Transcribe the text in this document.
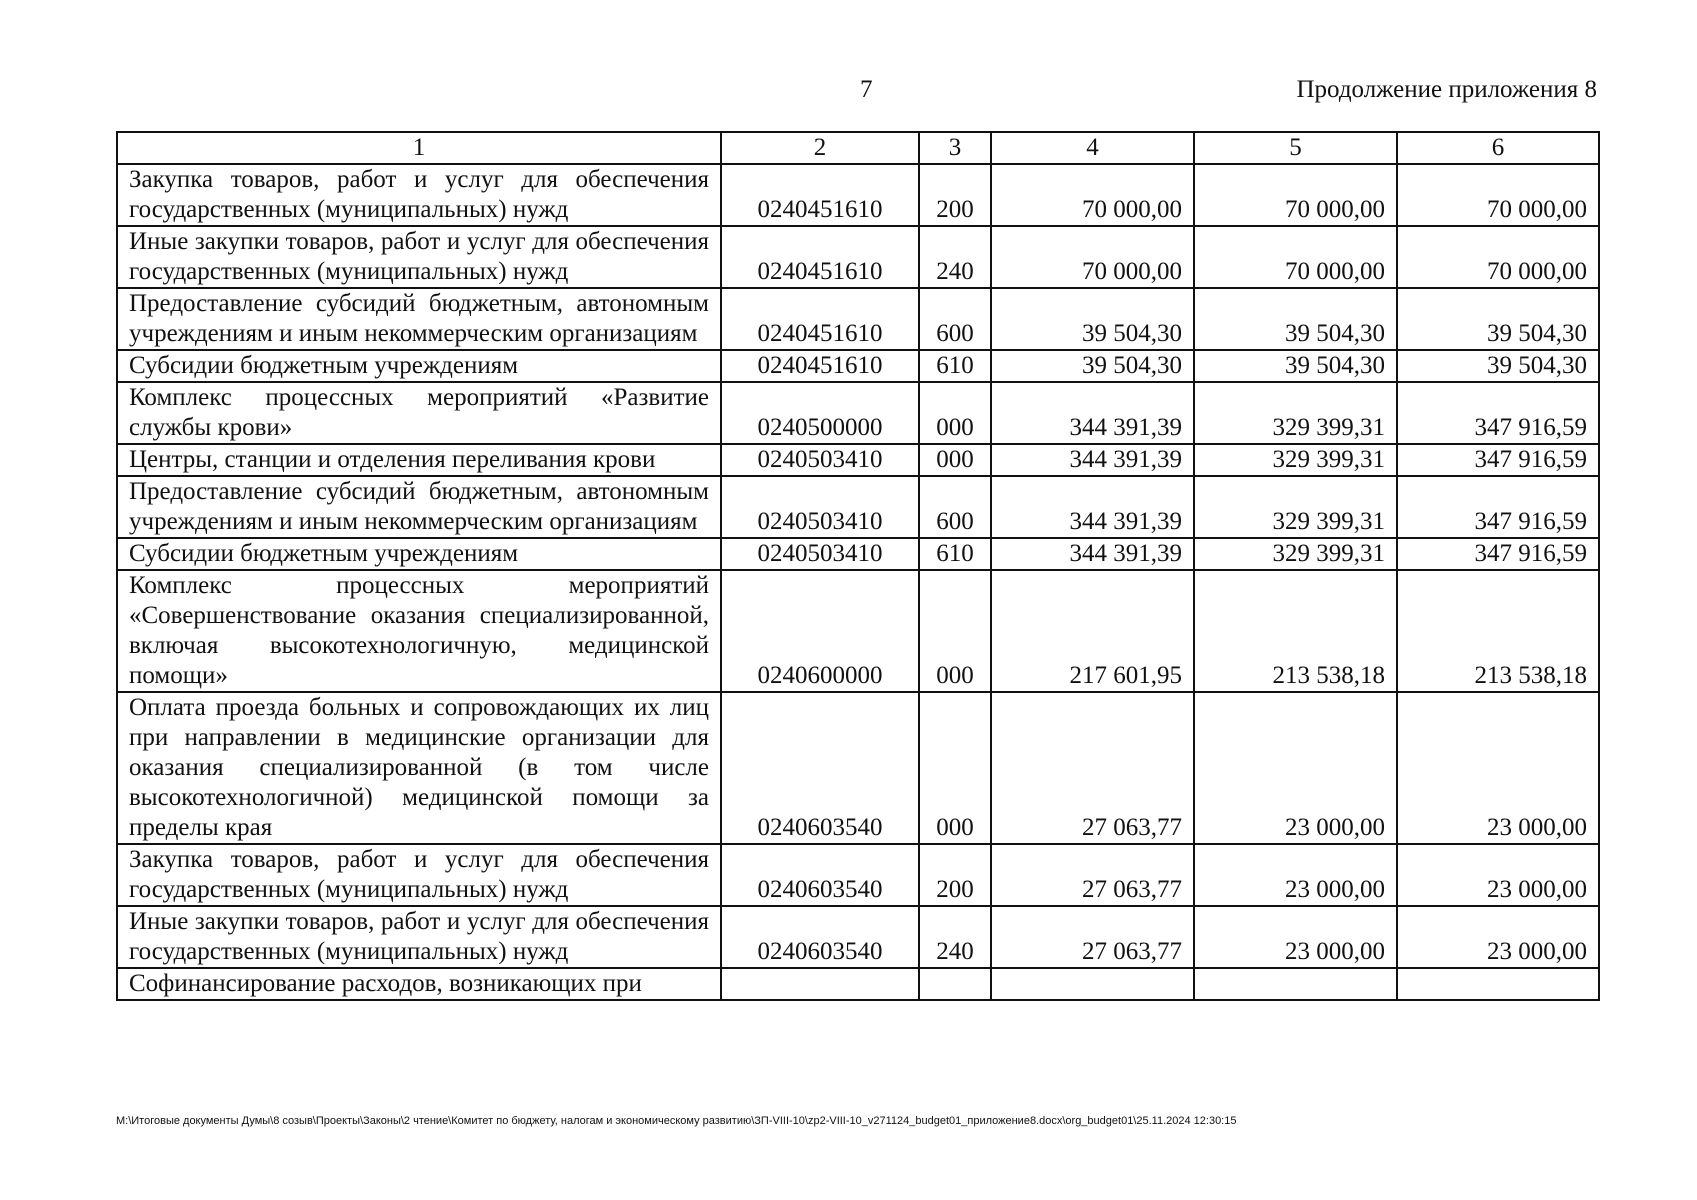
7	Продолжение приложения 8
1	2	3	4	5	6
Закупка товаров, работ и услуг для обеспечения государственных (муниципальных) нужд	0240451610	200	70 000,00	70 000,00	70 000,00
Иные закупки товаров, работ и услуг для обеспечения государственных (муниципальных) нужд	0240451610	240	70 000,00	70 000,00	70 000,00
Предоставление субсидий бюджетным, автономным учреждениям и иным некоммерческим организациям	0240451610	600	39 504,30	39 504,30	39 504,30
Субсидии бюджетным учреждениям	0240451610	610	39 504,30	39 504,30	39 504,30
Комплекс процессных мероприятий «Развитие службы крови»	0240500000	000	344 391,39	329 399,31	347 916,59
Центры, станции и отделения переливания крови	0240503410	000	344 391,39	329 399,31	347 916,59
Предоставление субсидий бюджетным, автономным учреждениям и иным некоммерческим организациям	0240503410	600	344 391,39	329 399,31	347 916,59
Субсидии бюджетным учреждениям	0240503410	610	344 391,39	329 399,31	347 916,59
Комплекс процессных мероприятий «Совершенствование оказания специализированной, включая высокотехнологичную, медицинской помощи»	0240600000	000	217 601,95	213 538,18	213 538,18
Оплата проезда больных и сопровождающих их лиц при направлении в медицинские организации для оказания специализированной (в том числе высокотехнологичной) медицинской помощи за пределы края	0240603540	000	27 063,77	23 000,00	23 000,00
Закупка товаров, работ и услуг для обеспечения государственных (муниципальных) нужд	0240603540	200	27 063,77	23 000,00	23 000,00
Иные закупки товаров, работ и услуг для обеспечения государственных (муниципальных) нужд	0240603540	240	27 063,77	23 000,00	23 000,00
Софинансирование расходов, возникающих при					
M:\Итоговые документы Думы\8 созыв\Проекты\Законы\2 чтение\Комитет по бюджету, налогам и экономическому развитию\ЗП-VIII-10\zp2-VIII-10_v271124_budget01_приложение8.docx\org_budget01\25.11.2024 12:30:15
